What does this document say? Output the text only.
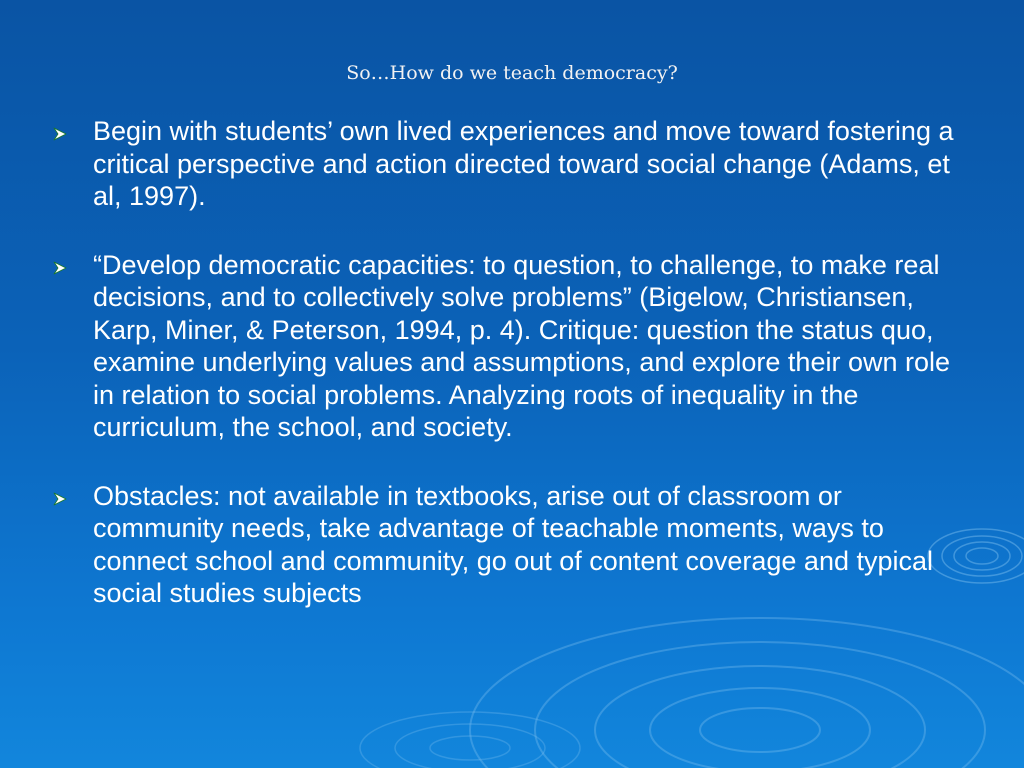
So…How do we teach democracy?
Begin with students’ own lived experiences and move toward fostering a critical perspective and action directed toward social change (Adams, et al, 1997).
“Develop democratic capacities: to question, to challenge, to make real decisions, and to collectively solve problems” (Bigelow, Christiansen, Karp, Miner, & Peterson, 1994, p. 4). Critique: question the status quo, examine underlying values and assumptions, and explore their own role in relation to social problems. Analyzing roots of inequality in the curriculum, the school, and society.
Obstacles: not available in textbooks, arise out of classroom or community needs, take advantage of teachable moments, ways to connect school and community, go out of content coverage and typical social studies subjects
